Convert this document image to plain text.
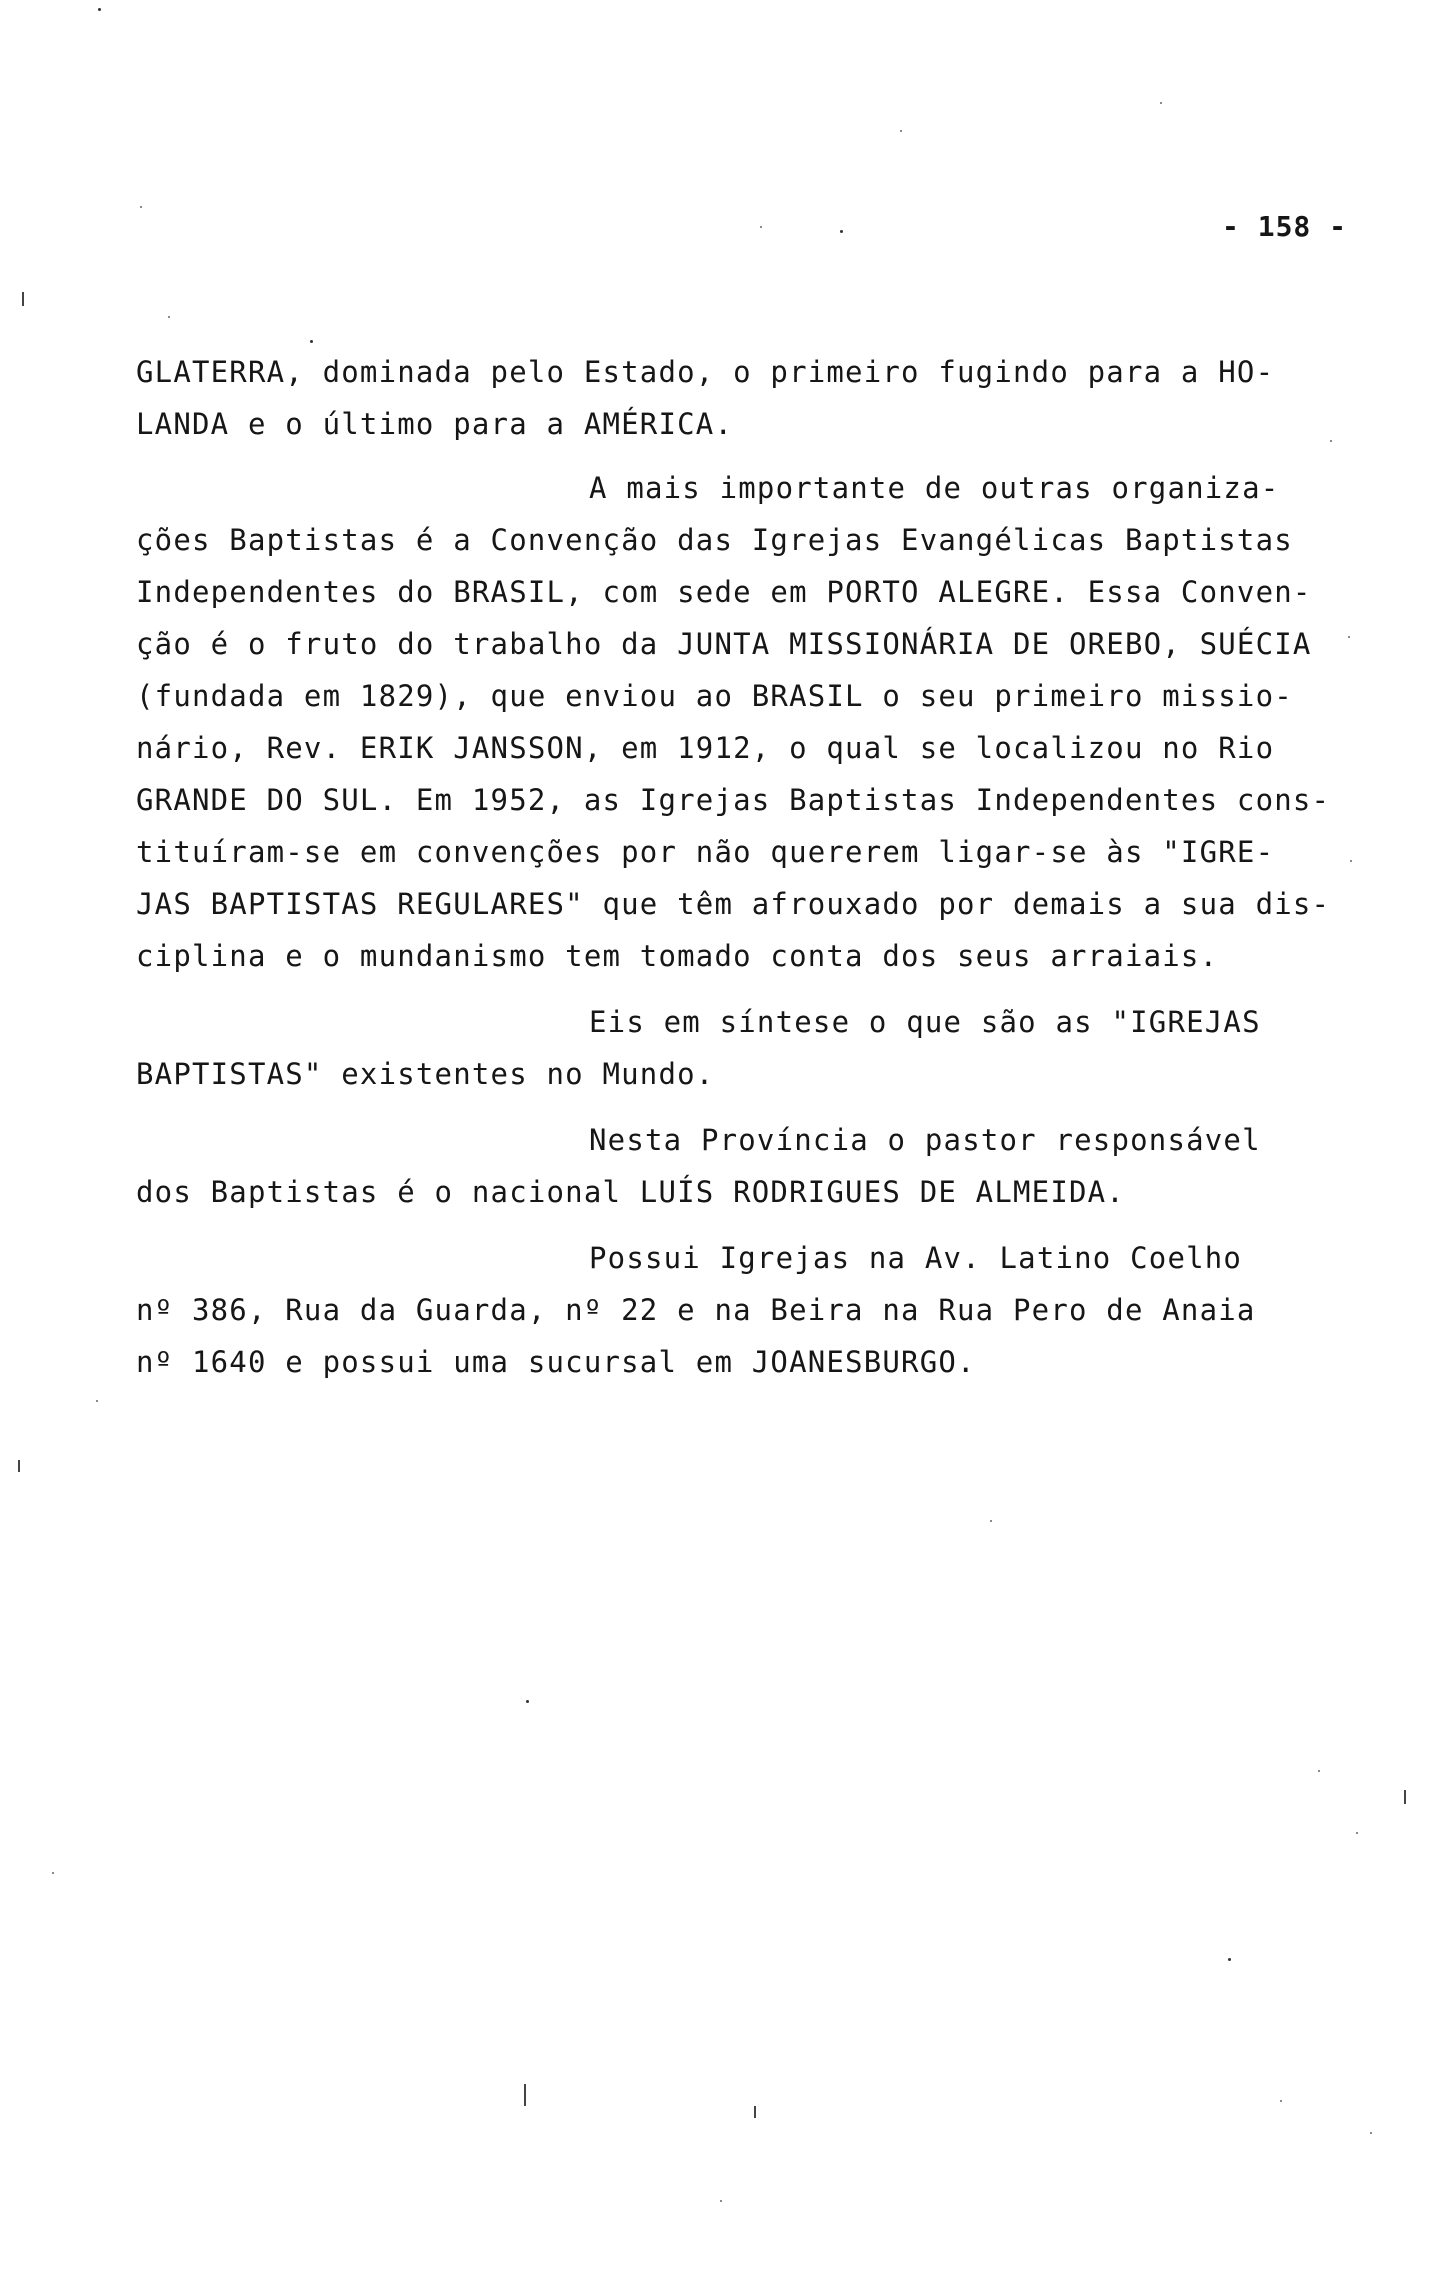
- 158 -
GLATERRA, dominada pelo Estado, o primeiro fugindo para a HO-
LANDA e o último para a AMÉRICA.
A mais importante de outras organiza-
ções Baptistas é a Convenção das Igrejas Evangélicas Baptistas
Independentes do BRASIL, com sede em PORTO ALEGRE. Essa Conven-
ção é o fruto do trabalho da JUNTA MISSIONÁRIA DE OREBO, SUÉCIA
(fundada em 1829), que enviou ao BRASIL o seu primeiro missio-
nário, Rev. ERIK JANSSON, em 1912, o qual se localizou no Rio
GRANDE DO SUL. Em 1952, as Igrejas Baptistas Independentes cons-
tituíram-se em convenções por não quererem ligar-se às "IGRE-
JAS BAPTISTAS REGULARES" que têm afrouxado por demais a sua dis-
ciplina e o mundanismo tem tomado conta dos seus arraiais.
Eis em síntese o que são as "IGREJAS
BAPTISTAS" existentes no Mundo.
Nesta Província o pastor responsável
dos Baptistas é o nacional LUÍS RODRIGUES DE ALMEIDA.
Possui Igrejas na Av. Latino Coelho
nº 386, Rua da Guarda, nº 22 e na Beira na Rua Pero de Anaia
nº 1640 e possui uma sucursal em JOANESBURGO.
